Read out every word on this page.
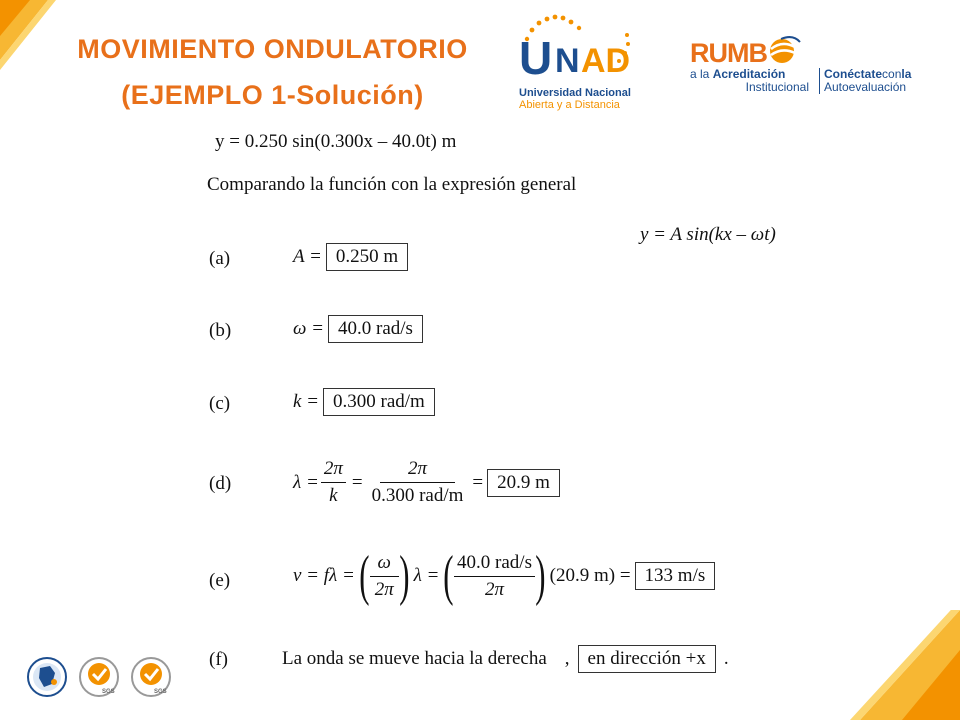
MOVIMIENTO ONDULATORIO
(EJEMPLO 1-Solución)
U N AD
Universidad Nacional
Abierta y a Distancia
RUMB
a la Acreditación
Institucional
Conéctateconla
Autoevaluación
y = 0.250 sin(0.300x – 40.0t) m
Comparando la función con la expresión general
y = A sin(kx – ωt)
(a)	A = 0.250 m
(b)	ω = 40.0 rad/s
(c)	k = 0.300 rad/m
(d)	$\lambda = \frac{2\pi}{k} = \frac{2\pi}{\text{0.300 rad/m}} = 20.9$ m
(e)	v = fλ = ( $\frac{\omega}{2\pi}$ ) λ = ( $\frac{\text{40.0 rad/s}}{2\pi}$ ) (20.9 m) = 133 m/s
(f)	La onda se mueve hacia la derecha , en dirección +x .
SGS	SGS
